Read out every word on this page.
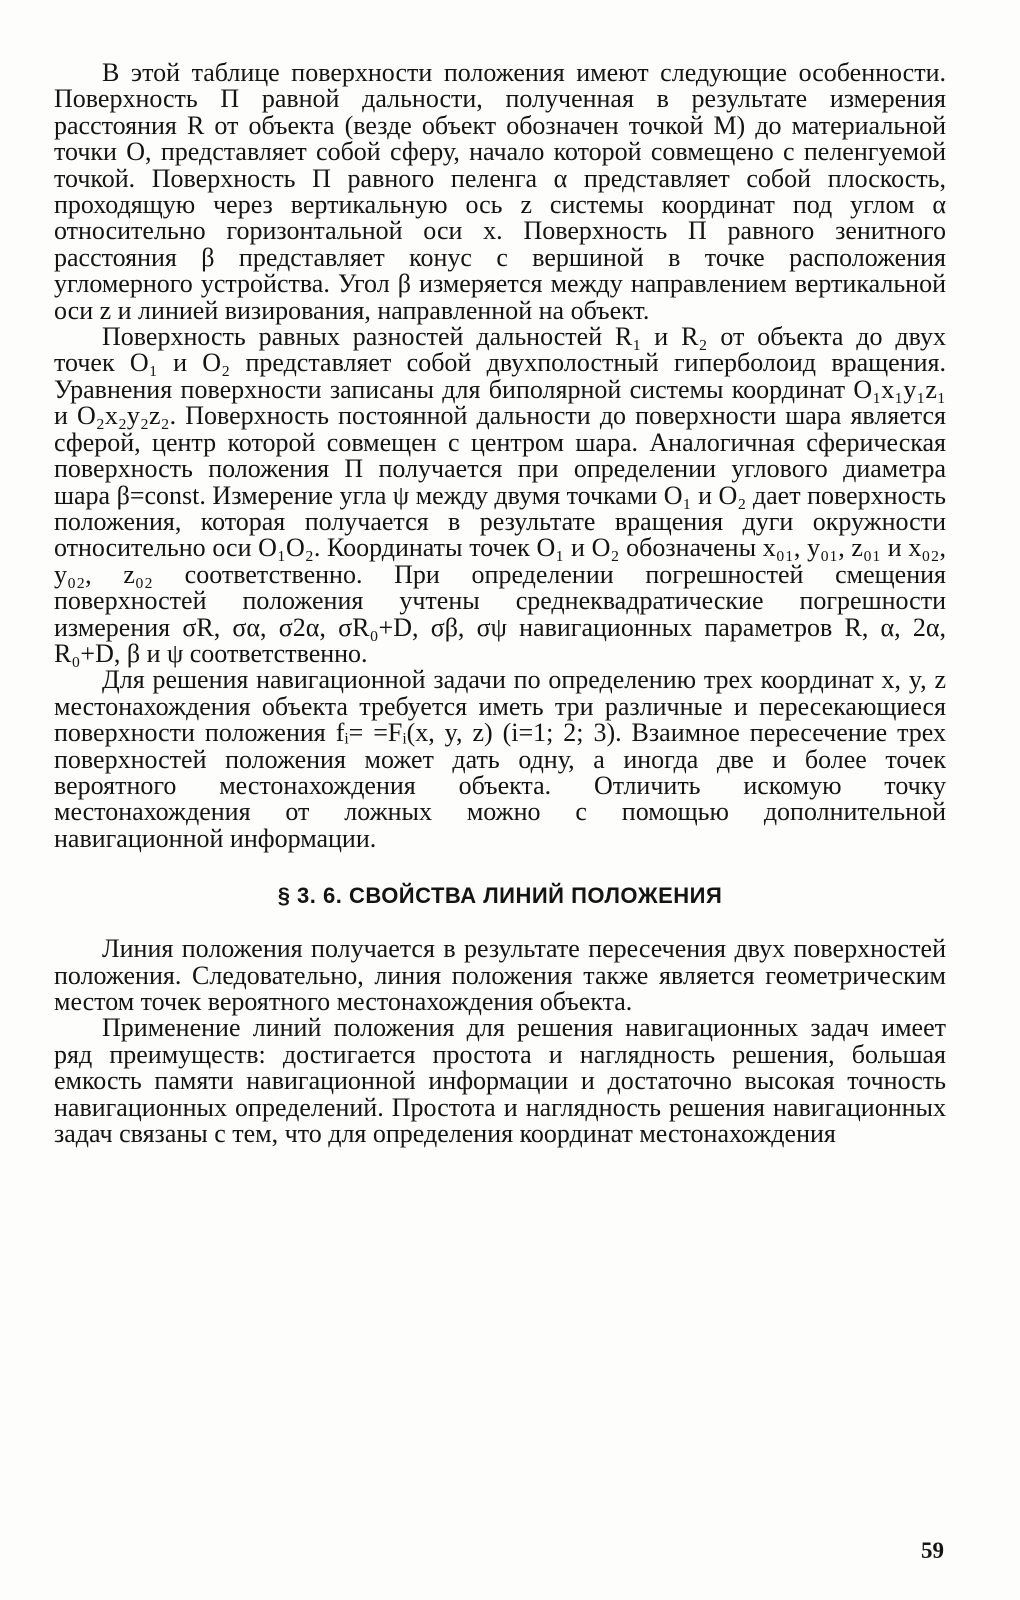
В этой таблице поверхности положения имеют следующие особенности. Поверхность П равной дальности, полученная в результате измерения расстояния R от объекта (везде объект обозначен точкой М) до материальной точки О, представляет собой сферу, начало которой совмещено с пеленгуемой точкой. Поверхность П равного пеленга α представляет собой плоскость, проходящую через вертикальную ось z системы координат под углом α относительно горизонтальной оси x. Поверхность П равного зенитного расстояния β представляет конус с вершиной в точке расположения угломерного устройства. Угол β измеряется между направлением вертикальной оси z и линией визирования, направленной на объект.

Поверхность равных разностей дальностей R₁ и R₂ от объекта до двух точек O₁ и O₂ представляет собой двухполостный гиперболоид вращения. Уравнения поверхности записаны для биполярной системы координат O₁x₁y₁z₁ и O₂x₂y₂z₂. Поверхность постоянной дальности до поверхности шара является сферой, центр которой совмещен с центром шара. Аналогичная сферическая поверхность положения П получается при определении углового диаметра шара β=const. Измерение угла ψ между двумя точками O₁ и O₂ дает поверхность положения, которая получается в результате вращения дуги окружности относительно оси O₁O₂. Координаты точек O₁ и O₂ обозначены x₀₁, y₀₁, z₀₁ и x₀₂, y₀₂, z₀₂ соответственно. При определении погрешностей смещения поверхностей положения учтены среднеквадратические погрешности измерения σR, σα, σ2α, σR₀+D, σβ, σψ навигационных параметров R, α, 2α, R₀+D, β и ψ соответственно.

Для решения навигационной задачи по определению трех координат x, y, z местонахождения объекта требуется иметь три различные и пересекающиеся поверхности положения fᵢ= =Fᵢ(x, y, z) (i=1; 2; 3). Взаимное пересечение трех поверхностей положения может дать одну, а иногда две и более точек вероятного местонахождения объекта. Отличить искомую точку местонахождения от ложных можно с помощью дополнительной навигационной информации.

§ 3. 6. СВОЙСТВА ЛИНИЙ ПОЛОЖЕНИЯ

Линия положения получается в результате пересечения двух поверхностей положения. Следовательно, линия положения также является геометрическим местом точек вероятного местонахождения объекта.

Применение линий положения для решения навигационных задач имеет ряд преимуществ: достигается простота и наглядность решения, большая емкость памяти навигационной информации и достаточно высокая точность навигационных определений. Простота и наглядность решения навигационных задач связаны с тем, что для определения координат местонахождения

59
